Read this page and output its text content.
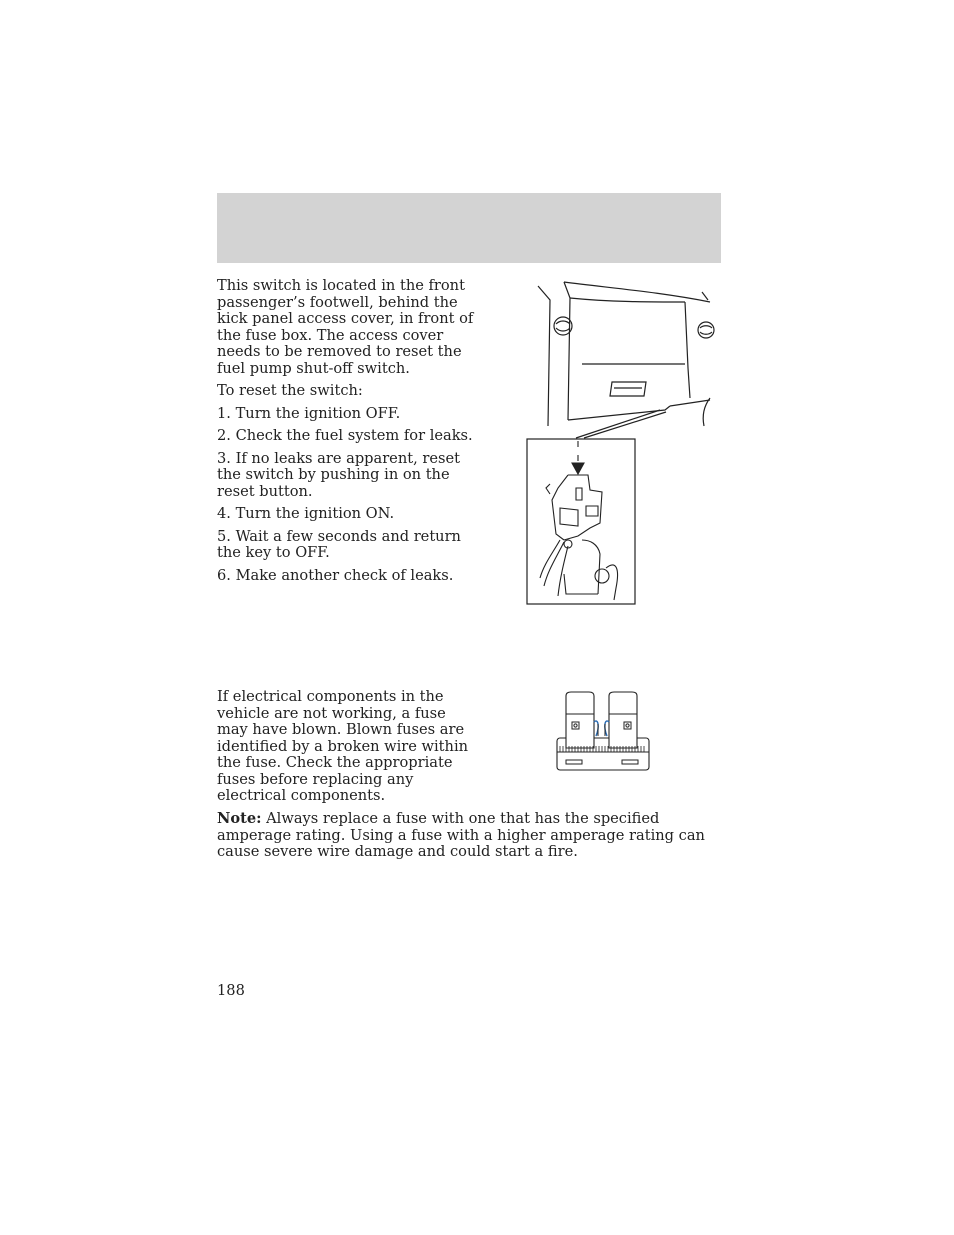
This switch is located in the front passenger’s footwell, behind the kick panel access cover, in front of the fuse box. The access cover needs to be removed to reset the fuel pump shut-off switch.

To reset the switch:

1. Turn the ignition OFF.

2. Check the fuel system for leaks.

3. If no leaks are apparent, reset the switch by pushing in on the reset button.

4. Turn the ignition ON.

5. Wait a few seconds and return the key to OFF.

6. Make another check of leaks.

If electrical components in the vehicle are not working, a fuse may have blown. Blown fuses are identified by a broken wire within the fuse. Check the appropriate fuses before replacing any electrical components.

Note: Always replace a fuse with one that has the specified amperage rating. Using a fuse with a higher amperage rating can cause severe wire damage and could start a fire.

188
